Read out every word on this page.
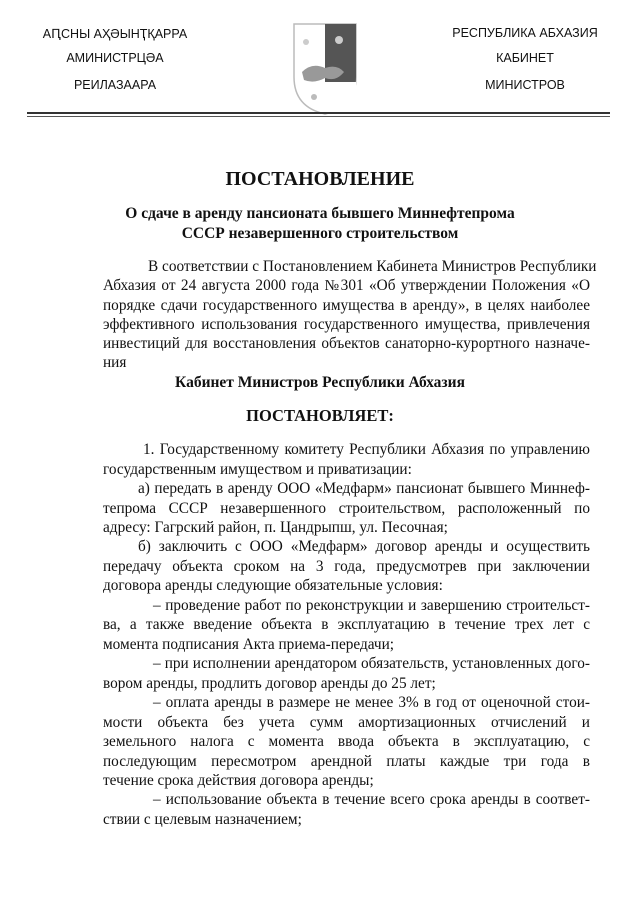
АԤСНЫ АҲӘЫНҬҚАРРА
АМИНИСТРЦӘА
РЕИЛАЗААРА
РЕСПУБЛИКА АБХАЗИЯ
КАБИНЕТ
МИНИСТРОВ
ПОСТАНОВЛЕНИЕ
О сдаче в аренду пансионата бывшего Миннефтепрома
СССР незавершенного строительством
В соответствии с Постановлением Кабинета Министров Республики
Абхазия от 24 августа 2000 года №301 «Об утверждении Положения «О
порядке сдачи государственного имущества в аренду», в целях наиболее
эффективного использования государственного имущества, привлечения
инвестиций для восстановления объектов санаторно-курортного назначе-
ния
Кабинет Министров Республики Абхазия
ПОСТАНОВЛЯЕТ:
1. Государственному комитету Республики Абхазия по управлению
государственным имуществом и приватизации:
а) передать в аренду ООО «Медфарм» пансионат бывшего Миннеф-
тепрома СССР незавершенного строительством, расположенный по
адресу: Гагрский район, п. Цандрыпш, ул. Песочная;
б) заключить с ООО «Медфарм» договор аренды и осуществить
передачу объекта сроком на 3 года, предусмотрев при заключении
договора аренды следующие обязательные условия:
– проведение работ по реконструкции и завершению строительст-
ва, а также введение объекта в эксплуатацию в течение трех лет с
момента подписания Акта приема-передачи;
– при исполнении арендатором обязательств, установленных дого-
вором аренды, продлить договор аренды до 25 лет;
– оплата аренды в размере не менее 3% в год от оценочной стои-
мости объекта без учета сумм амортизационных отчислений и
земельного налога с момента ввода объекта в эксплуатацию, с
последующим пересмотром арендной платы каждые три года в
течение срока действия договора аренды;
– использование объекта в течение всего срока аренды в соответ-
ствии с целевым назначением;
